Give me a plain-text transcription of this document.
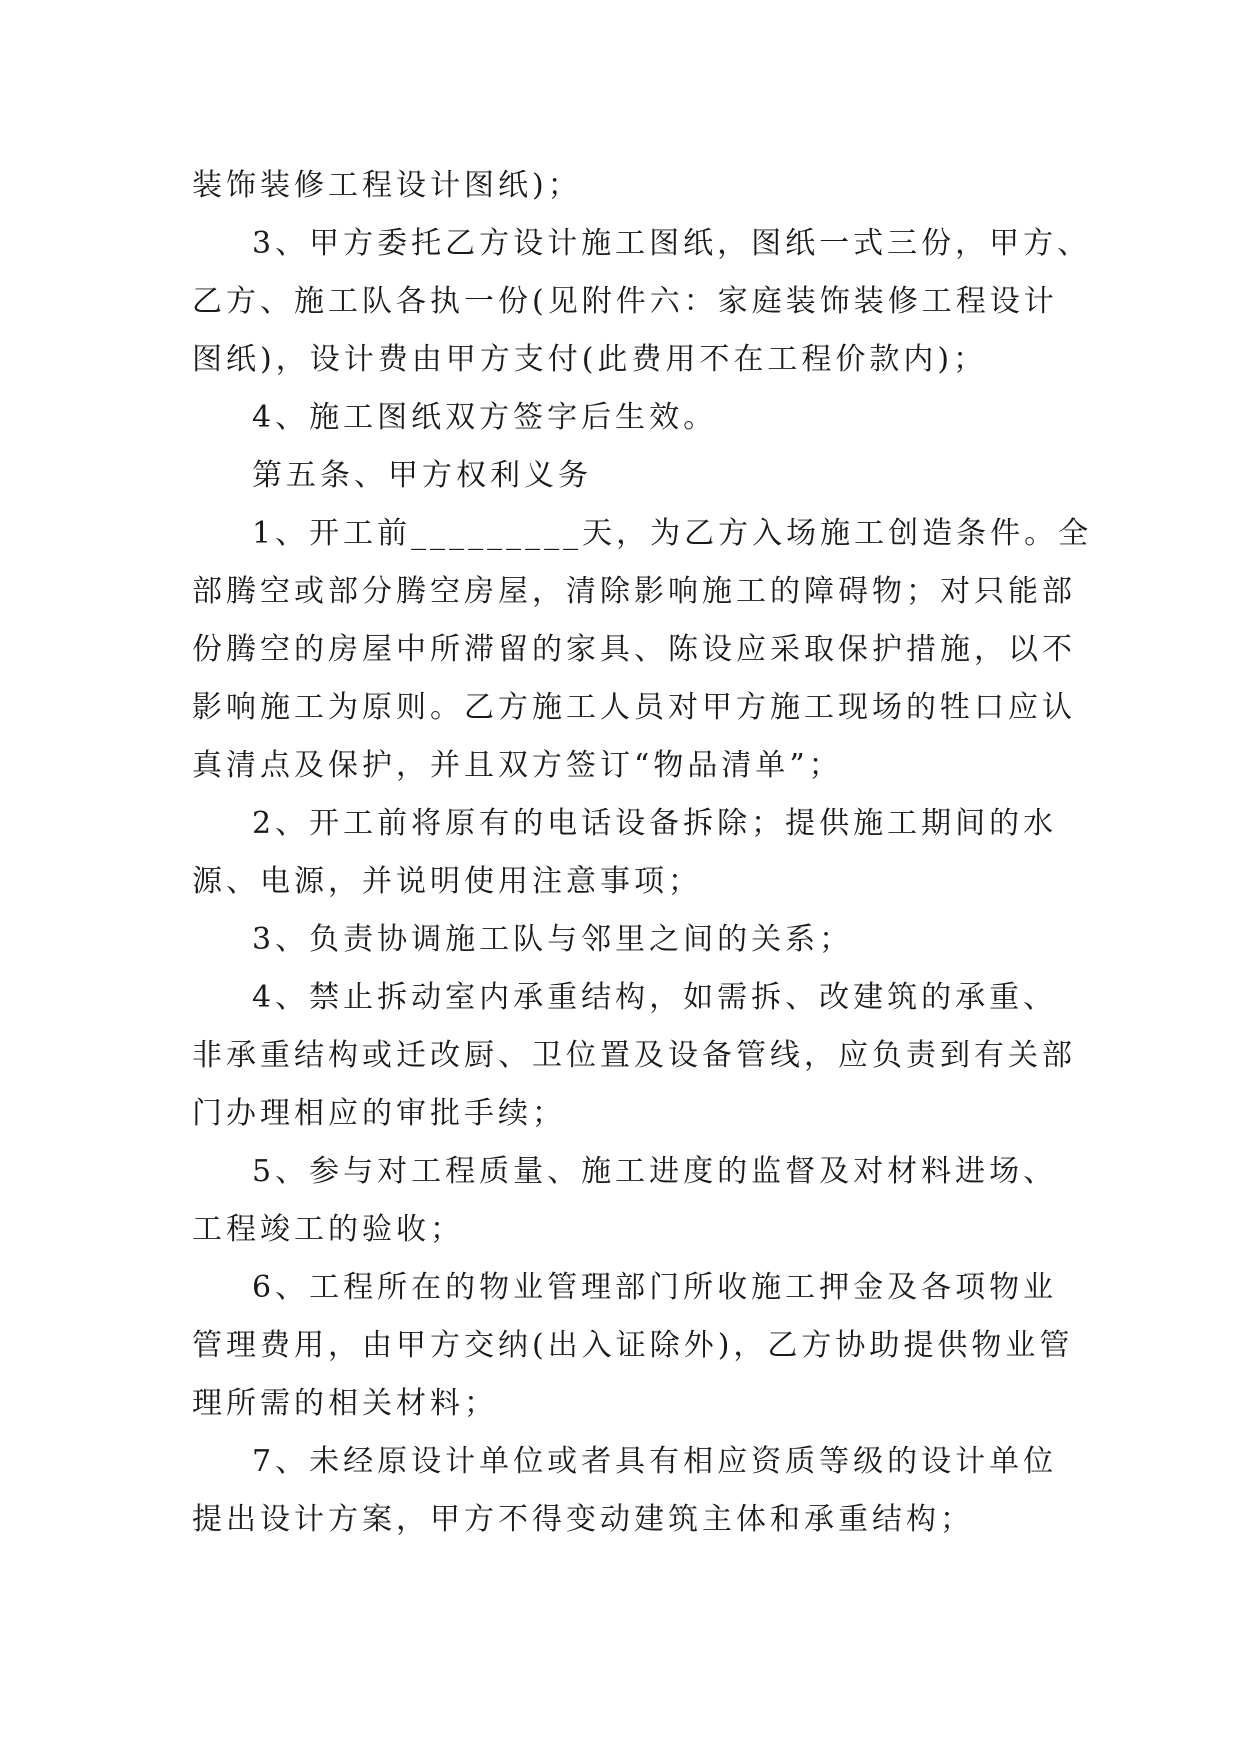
装饰装修工程设计图纸)；
3、甲方委托乙方设计施工图纸，图纸一式三份，甲方、
乙方、施工队各执一份(见附件六：家庭装饰装修工程设计
图纸)，设计费由甲方支付(此费用不在工程价款内)；
4、施工图纸双方签字后生效。
第五条、甲方权利义务
1、开工前_________天，为乙方入场施工创造条件。全
部腾空或部分腾空房屋，清除影响施工的障碍物；对只能部
份腾空的房屋中所滞留的家具、陈设应采取保护措施，以不
影响施工为原则。乙方施工人员对甲方施工现场的牲口应认
真清点及保护，并且双方签订“物品清单”；
2、开工前将原有的电话设备拆除；提供施工期间的水
源、电源，并说明使用注意事项；
3、负责协调施工队与邻里之间的关系；
4、禁止拆动室内承重结构，如需拆、改建筑的承重、
非承重结构或迁改厨、卫位置及设备管线，应负责到有关部
门办理相应的审批手续；
5、参与对工程质量、施工进度的监督及对材料进场、
工程竣工的验收；
6、工程所在的物业管理部门所收施工押金及各项物业
管理费用，由甲方交纳(出入证除外)，乙方协助提供物业管
理所需的相关材料；
7、未经原设计单位或者具有相应资质等级的设计单位
提出设计方案，甲方不得变动建筑主体和承重结构；
